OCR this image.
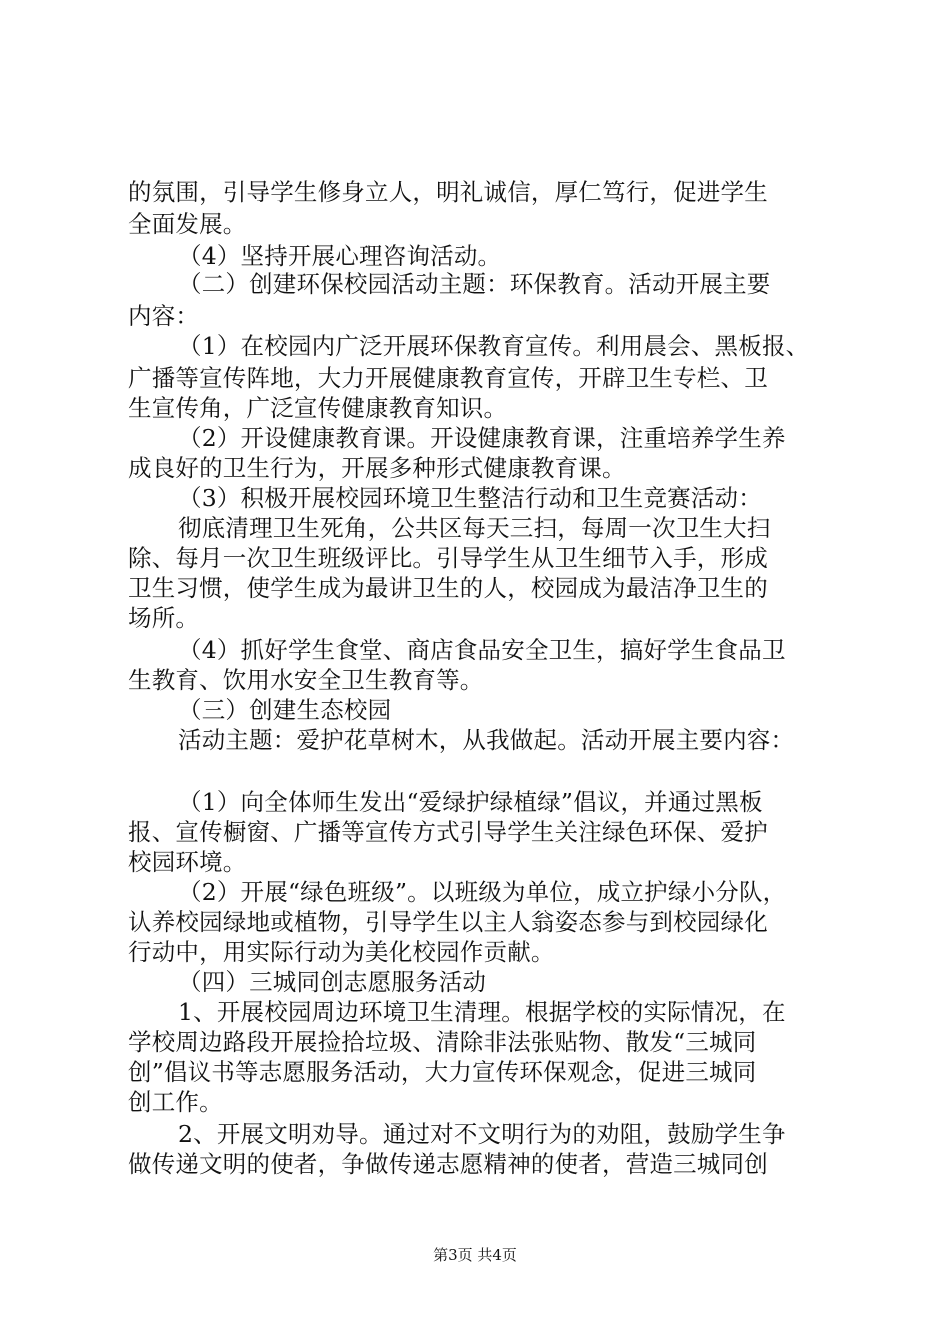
的氛围，引导学生修身立人，明礼诚信，厚仁笃行，促进学生
全面发展。
（4）坚持开展心理咨询活动。
（二）创建环保校园活动主题：环保教育。活动开展主要
内容：
（1）在校园内广泛开展环保教育宣传。利用晨会、黑板报、
广播等宣传阵地，大力开展健康教育宣传，开辟卫生专栏、卫
生宣传角，广泛宣传健康教育知识。
（2）开设健康教育课。开设健康教育课，注重培养学生养
成良好的卫生行为，开展多种形式健康教育课。
（3）积极开展校园环境卫生整洁行动和卫生竞赛活动：
彻底清理卫生死角，公共区每天三扫，每周一次卫生大扫
除、每月一次卫生班级评比。引导学生从卫生细节入手，形成
卫生习惯，使学生成为最讲卫生的人，校园成为最洁净卫生的
场所。
（4）抓好学生食堂、商店食品安全卫生，搞好学生食品卫
生教育、饮用水安全卫生教育等。
（三）创建生态校园
活动主题：爱护花草树木，从我做起。活动开展主要内容：
（1）向全体师生发出“爱绿护绿植绿”倡议，并通过黑板
报、宣传橱窗、广播等宣传方式引导学生关注绿色环保、爱护
校园环境。
（2）开展“绿色班级”。以班级为单位，成立护绿小分队，
认养校园绿地或植物，引导学生以主人翁姿态参与到校园绿化
行动中，用实际行动为美化校园作贡献。
（四）三城同创志愿服务活动
1、开展校园周边环境卫生清理。根据学校的实际情况，在
学校周边路段开展捡拾垃圾、清除非法张贴物、散发“三城同
创”倡议书等志愿服务活动，大力宣传环保观念，促进三城同
创工作。
2、开展文明劝导。通过对不文明行为的劝阻，鼓励学生争
做传递文明的使者，争做传递志愿精神的使者，营造三城同创
第3页 共4页
